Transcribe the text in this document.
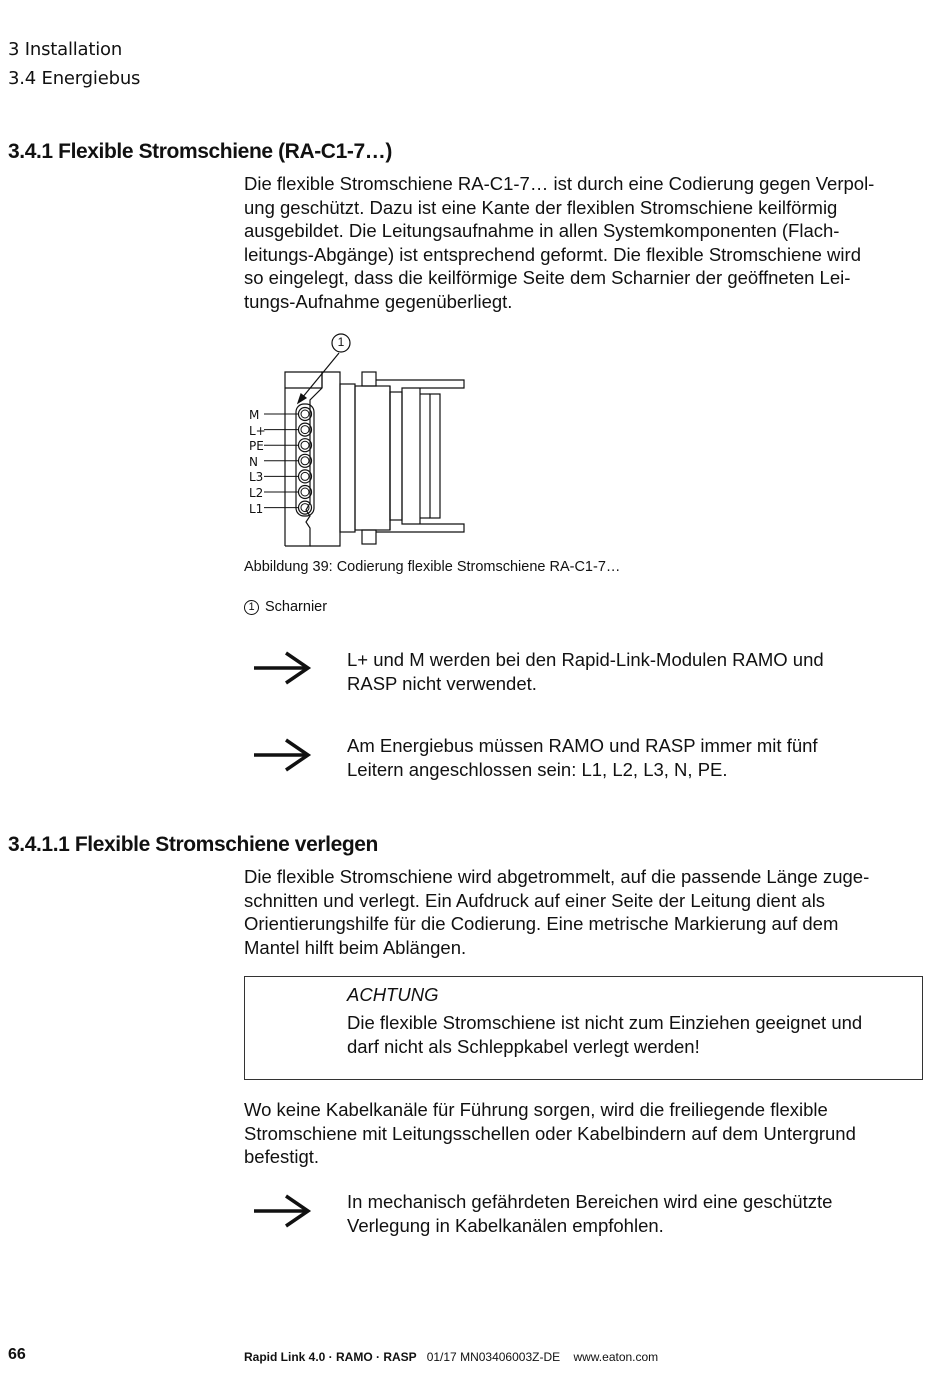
3 Installation
3.4 Energiebus
3.4.1 Flexible Stromschiene (RA-C1-7…)

Die flexible Stromschiene RA-C1-7… ist durch eine Codierung gegen Verpol-

ung geschützt. Dazu ist eine Kante der flexiblen Stromschiene keilförmig

ausgebildet. Die Leitungsaufnahme in allen Systemkomponenten (Flach-

leitungs-Abgänge) ist entsprechend geformt. Die flexible Stromschiene wird

so eingelegt, dass die keilförmige Seite dem Scharnier der geöffneten Lei-

tungs-Aufnahme gegenüberliegt.

M
L+
PE
N
L3
L2
L1
1
Abbildung 39: Codierung flexible Stromschiene RA-C1-7…
1 Scharnier
L+ und M werden bei den Rapid-Link-Modulen RAMO und
RASP nicht verwendet.
Am Energiebus müssen RAMO und RASP immer mit fünf
Leitern angeschlossen sein: L1, L2, L3, N, PE.
3.4.1.1 Flexible Stromschiene verlegen

Die flexible Stromschiene wird abgetrommelt, auf die passende Länge zuge-

schnitten und verlegt. Ein Aufdruck auf einer Seite der Leitung dient als

Orientierungshilfe für die Codierung. Eine metrische Markierung auf dem

Mantel hilft beim Ablängen.

ACHTUNG
Die flexible Stromschiene ist nicht zum Einziehen geeignet und
darf nicht als Schleppkabel verlegt werden!

Wo keine Kabelkanäle für Führung sorgen, wird die freiliegende flexible

Stromschiene mit Leitungsschellen oder Kabelbindern auf dem Untergrund

befestigt.

In mechanisch gefährdeten Bereichen wird eine geschützte
Verlegung in Kabelkanälen empfohlen.
66	Rapid Link 4.0 · RAMO · RASP 01/17 MN03406003Z-DE www.eaton.com
